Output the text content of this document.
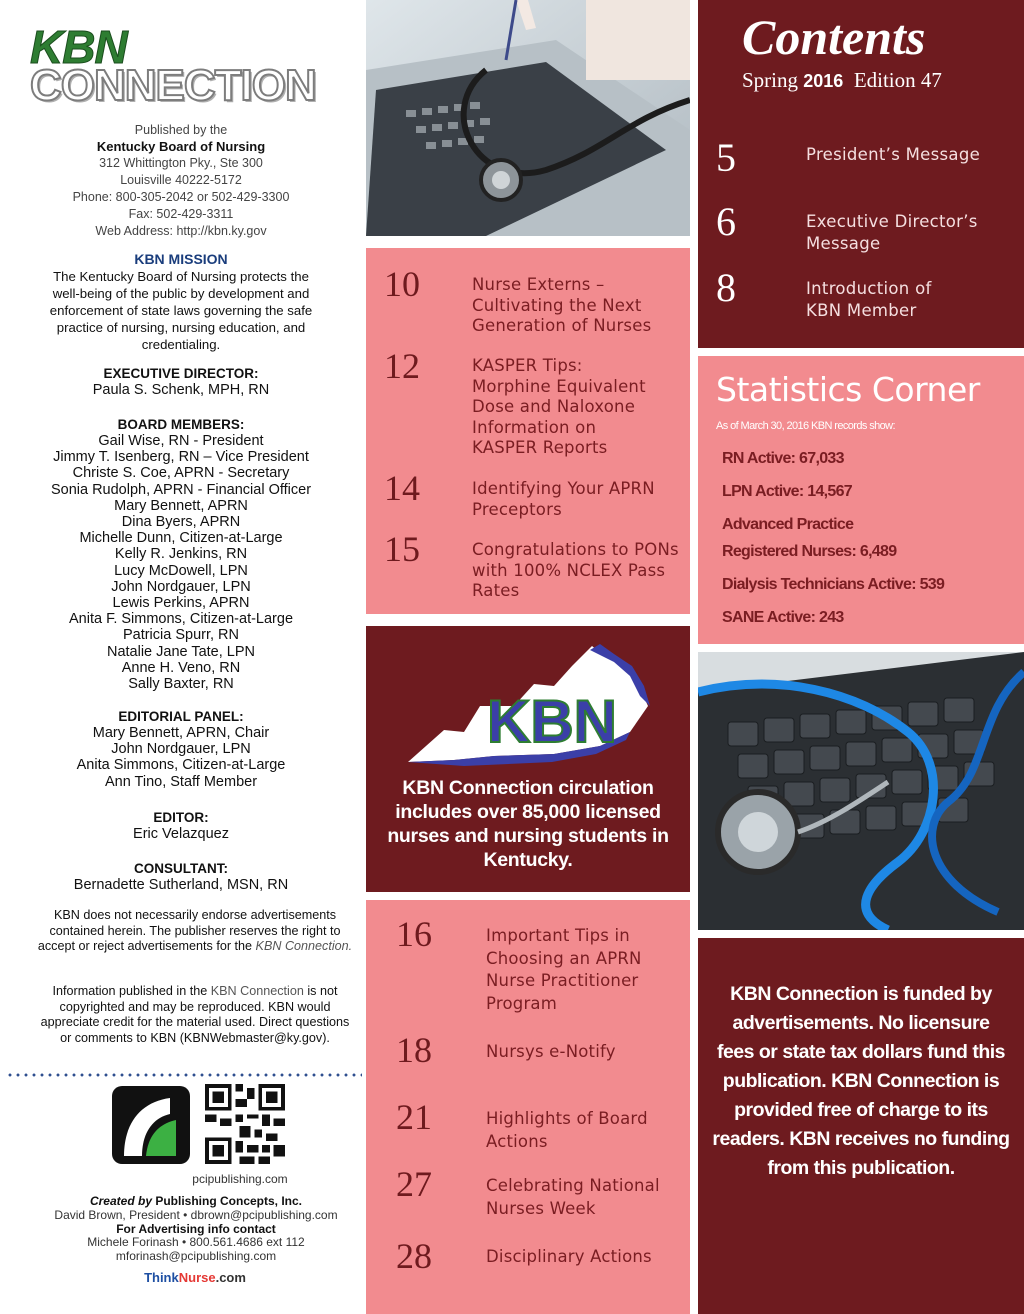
KBN
CONNECTION
Published by the
Kentucky Board of Nursing
312 Whittington Pky., Ste 300
Louisville 40222-5172
Phone: 800-305-2042 or 502-429-3300
Fax: 502-429-3311
Web Address: http://kbn.ky.gov
KBN MISSION
The Kentucky Board of Nursing protects the well-being of the public by development and enforcement of state laws governing the safe practice of nursing, nursing education, and credentialing.
EXECUTIVE DIRECTOR:
Paula S. Schenk, MPH, RN
BOARD MEMBERS:
Gail Wise, RN - President
Jimmy T. Isenberg, RN – Vice President
Christe S. Coe, APRN - Secretary
Sonia Rudolph, APRN - Financial Officer
Mary Bennett, APRN
Dina Byers, APRN
Michelle Dunn, Citizen-at-Large
Kelly R. Jenkins, RN
Lucy McDowell, LPN
John Nordgauer, LPN
Lewis Perkins, APRN
Anita F. Simmons, Citizen-at-Large
Patricia Spurr, RN
Natalie Jane Tate, LPN
Anne H. Veno, RN
Sally Baxter, RN
EDITORIAL PANEL:
Mary Bennett, APRN, Chair
John Nordgauer, LPN
Anita Simmons, Citizen-at-Large
Ann Tino, Staff Member
EDITOR:
Eric Velazquez
CONSULTANT:
Bernadette Sutherland, MSN, RN
KBN does not necessarily endorse advertisements contained herein. The publisher reserves the right to accept or reject advertisements for the KBN Connection.
Information published in the KBN Connection is not copyrighted and may be reproduced. KBN would appreciate credit for the material used. Direct questions or comments to KBN (KBNWebmaster@ky.gov).
pcipublishing.com
Created by Publishing Concepts, Inc.
David Brown, President • dbrown@pcipublishing.com
For Advertising info contact
Michele Forinash • 800.561.4686 ext 112
mforinash@pcipublishing.com
ThinkNurse.com
10	Nurse Externs –
Cultivating the Next
Generation of Nurses
12	KASPER Tips:
Morphine Equivalent
Dose and Naloxone
Information on
KASPER Reports
14	Identifying Your APRN
Preceptors
15	Congratulations to PONs
with 100% NCLEX Pass
Rates
KBN
KBN Connection circulation includes over 85,000 licensed nurses and nursing students in Kentucky.
16	Important Tips in
Choosing an APRN
Nurse Practitioner
Program
18	Nursys e-Notify
21	Highlights of Board
Actions
27	Celebrating National
Nurses Week
28	Disciplinary Actions
Contents
Spring 2016 Edition 47
5	President’s Message
6	Executive Director’s
Message
8	Introduction of
KBN Member
Statistics Corner
As of March 30, 2016 KBN records show:
RN Active: 67,033
LPN Active: 14,567
Advanced Practice
Registered Nurses: 6,489
Dialysis Technicians Active: 539
SANE Active: 243
KBN Connection is funded by advertisements. No licensure fees or state tax dollars fund this publication. KBN Connection is provided free of charge to its readers. KBN receives no funding from this publication.
